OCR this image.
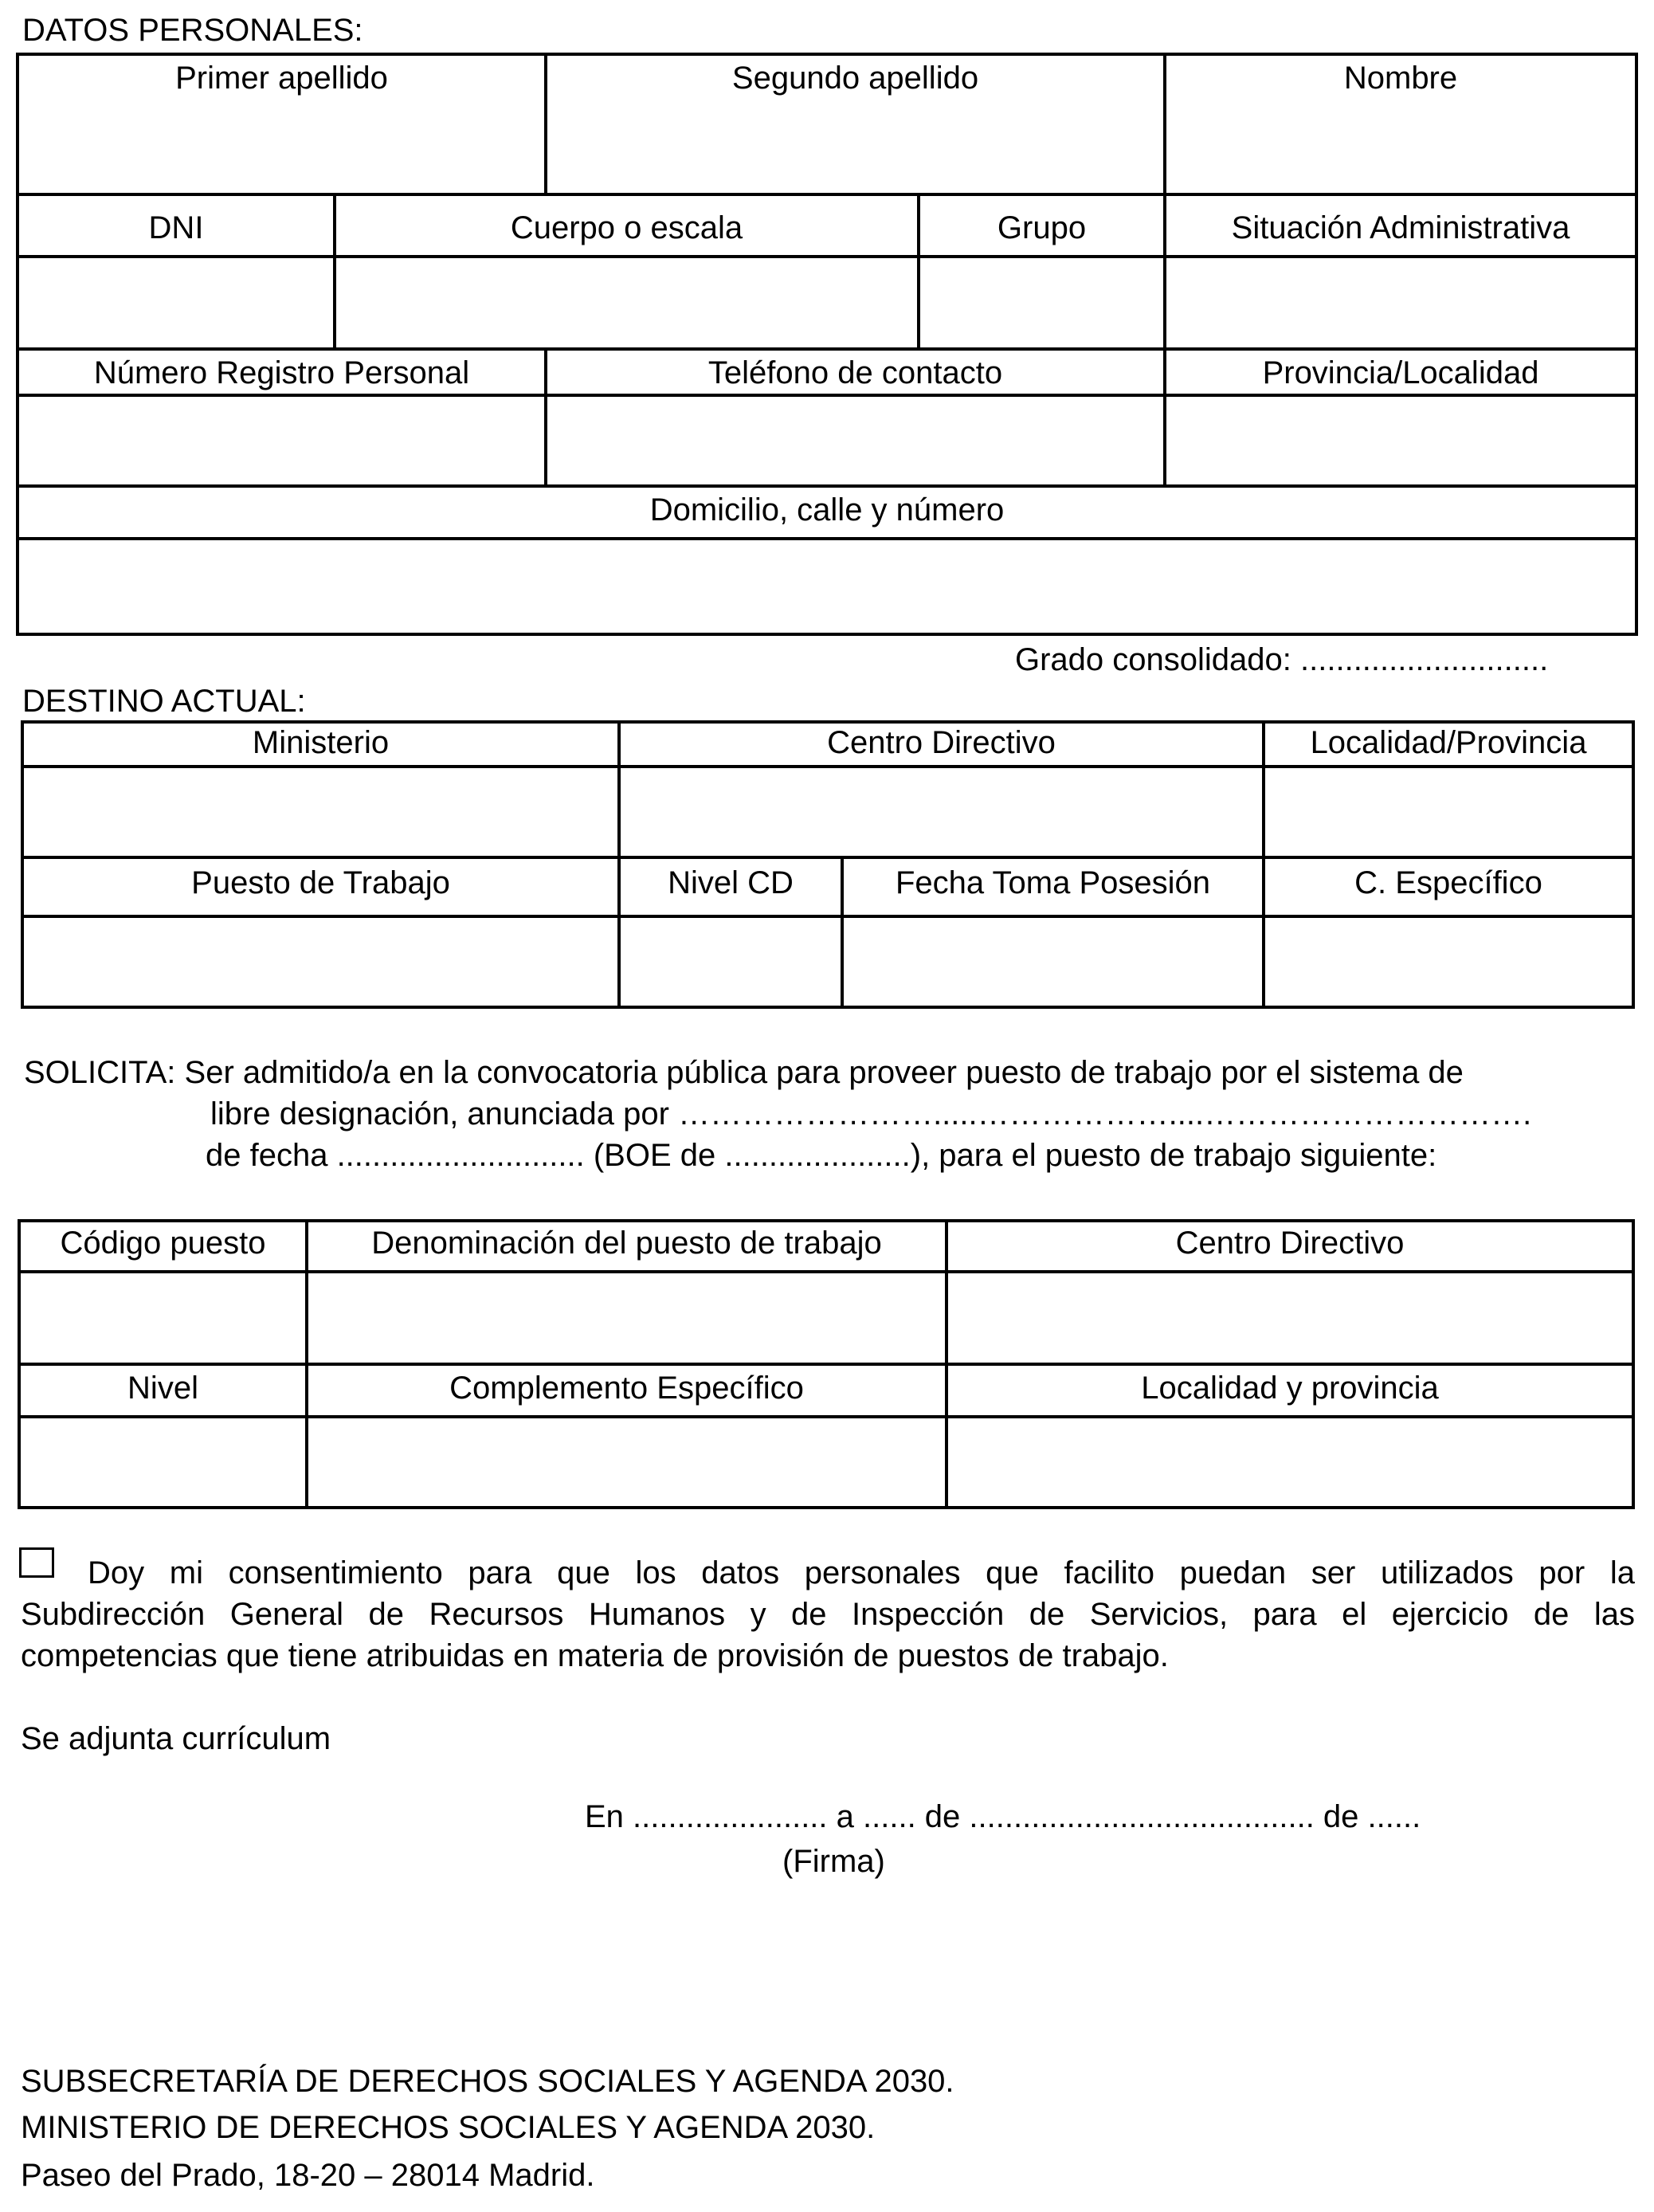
DATOS PERSONALES:
Primer apellido	Segundo apellido	Nombre
DNI	Cuerpo o escala	Grupo	Situación Administrativa
Número Registro Personal	Teléfono de contacto	Provincia/Localidad
Domicilio, calle y número
Grado consolidado: ............................
DESTINO ACTUAL:
Ministerio	Centro Directivo	Localidad/Provincia
Puesto de Trabajo	Nivel CD	Fecha Toma Posesión	C. Específico
SOLICITA: Ser admitido/a en la convocatoria pública para proveer puesto de trabajo por el sistema de
libre designación, anunciada por …………………….....………………....………………………….
de fecha ............................ (BOE de .....................), para el puesto de trabajo siguiente:
Código puesto	Denominación del puesto de trabajo	Centro Directivo
Nivel	Complemento Específico	Localidad y provincia
Doy mi consentimiento para que los datos personales que facilito puedan ser utilizados por la
Subdirección General de Recursos Humanos y de Inspección de Servicios, para el ejercicio de las
competencias que tiene atribuidas en materia de provisión de puestos de trabajo.
Se adjunta currículum
En ...................... a ...... de ....................................... de ......
(Firma)
SUBSECRETARÍA DE DERECHOS SOCIALES Y AGENDA 2030.
MINISTERIO DE DERECHOS SOCIALES Y AGENDA 2030.
Paseo del Prado, 18-20 – 28014 Madrid.
